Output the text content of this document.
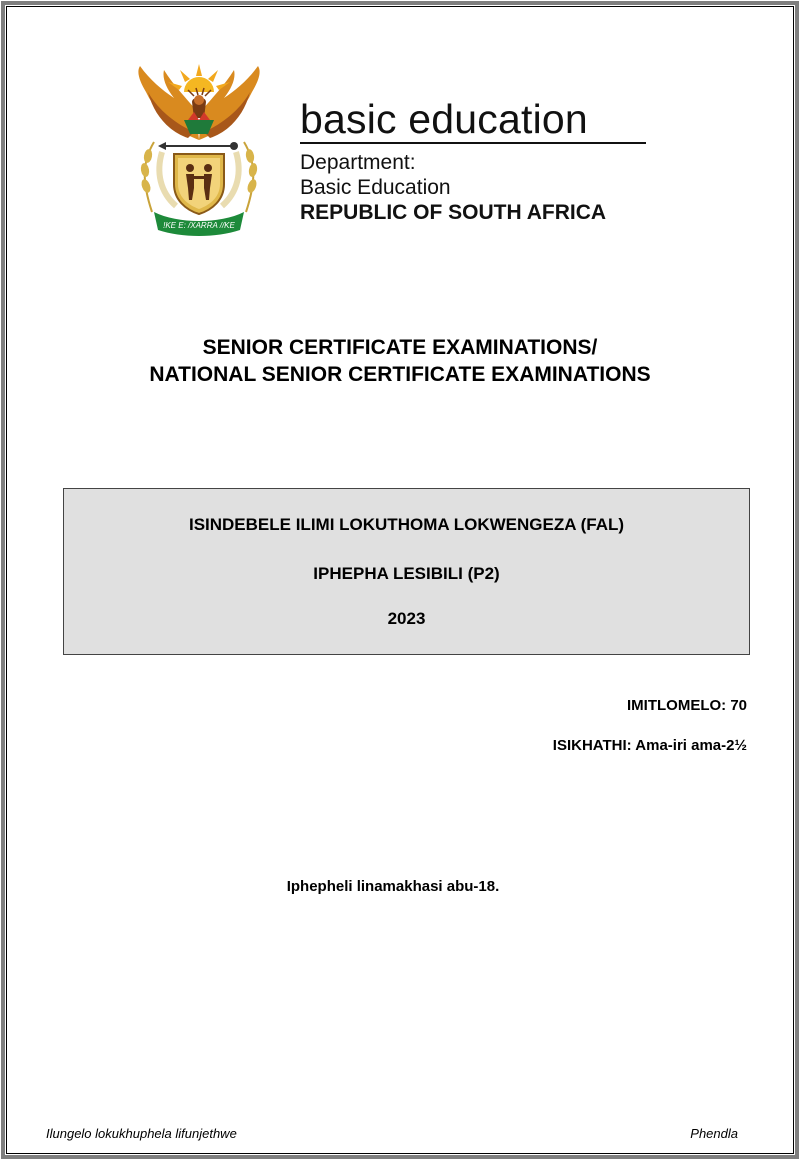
!KE E: /XARRA //KE
basic education
Department:
Basic Education
REPUBLIC OF SOUTH AFRICA
SENIOR CERTIFICATE EXAMINATIONS/
NATIONAL SENIOR CERTIFICATE EXAMINATIONS
ISINDEBELE ILIMI LOKUTHOMA LOKWENGEZA (FAL)
IPHEPHA LESIBILI (P2)
2023
IMITLOMELO: 70
ISIKHATHI: Ama-iri ama-2½
Iphepheli linamakhasi abu-18.
Ilungelo lokukhuphela lifunjethwe	Phendla
